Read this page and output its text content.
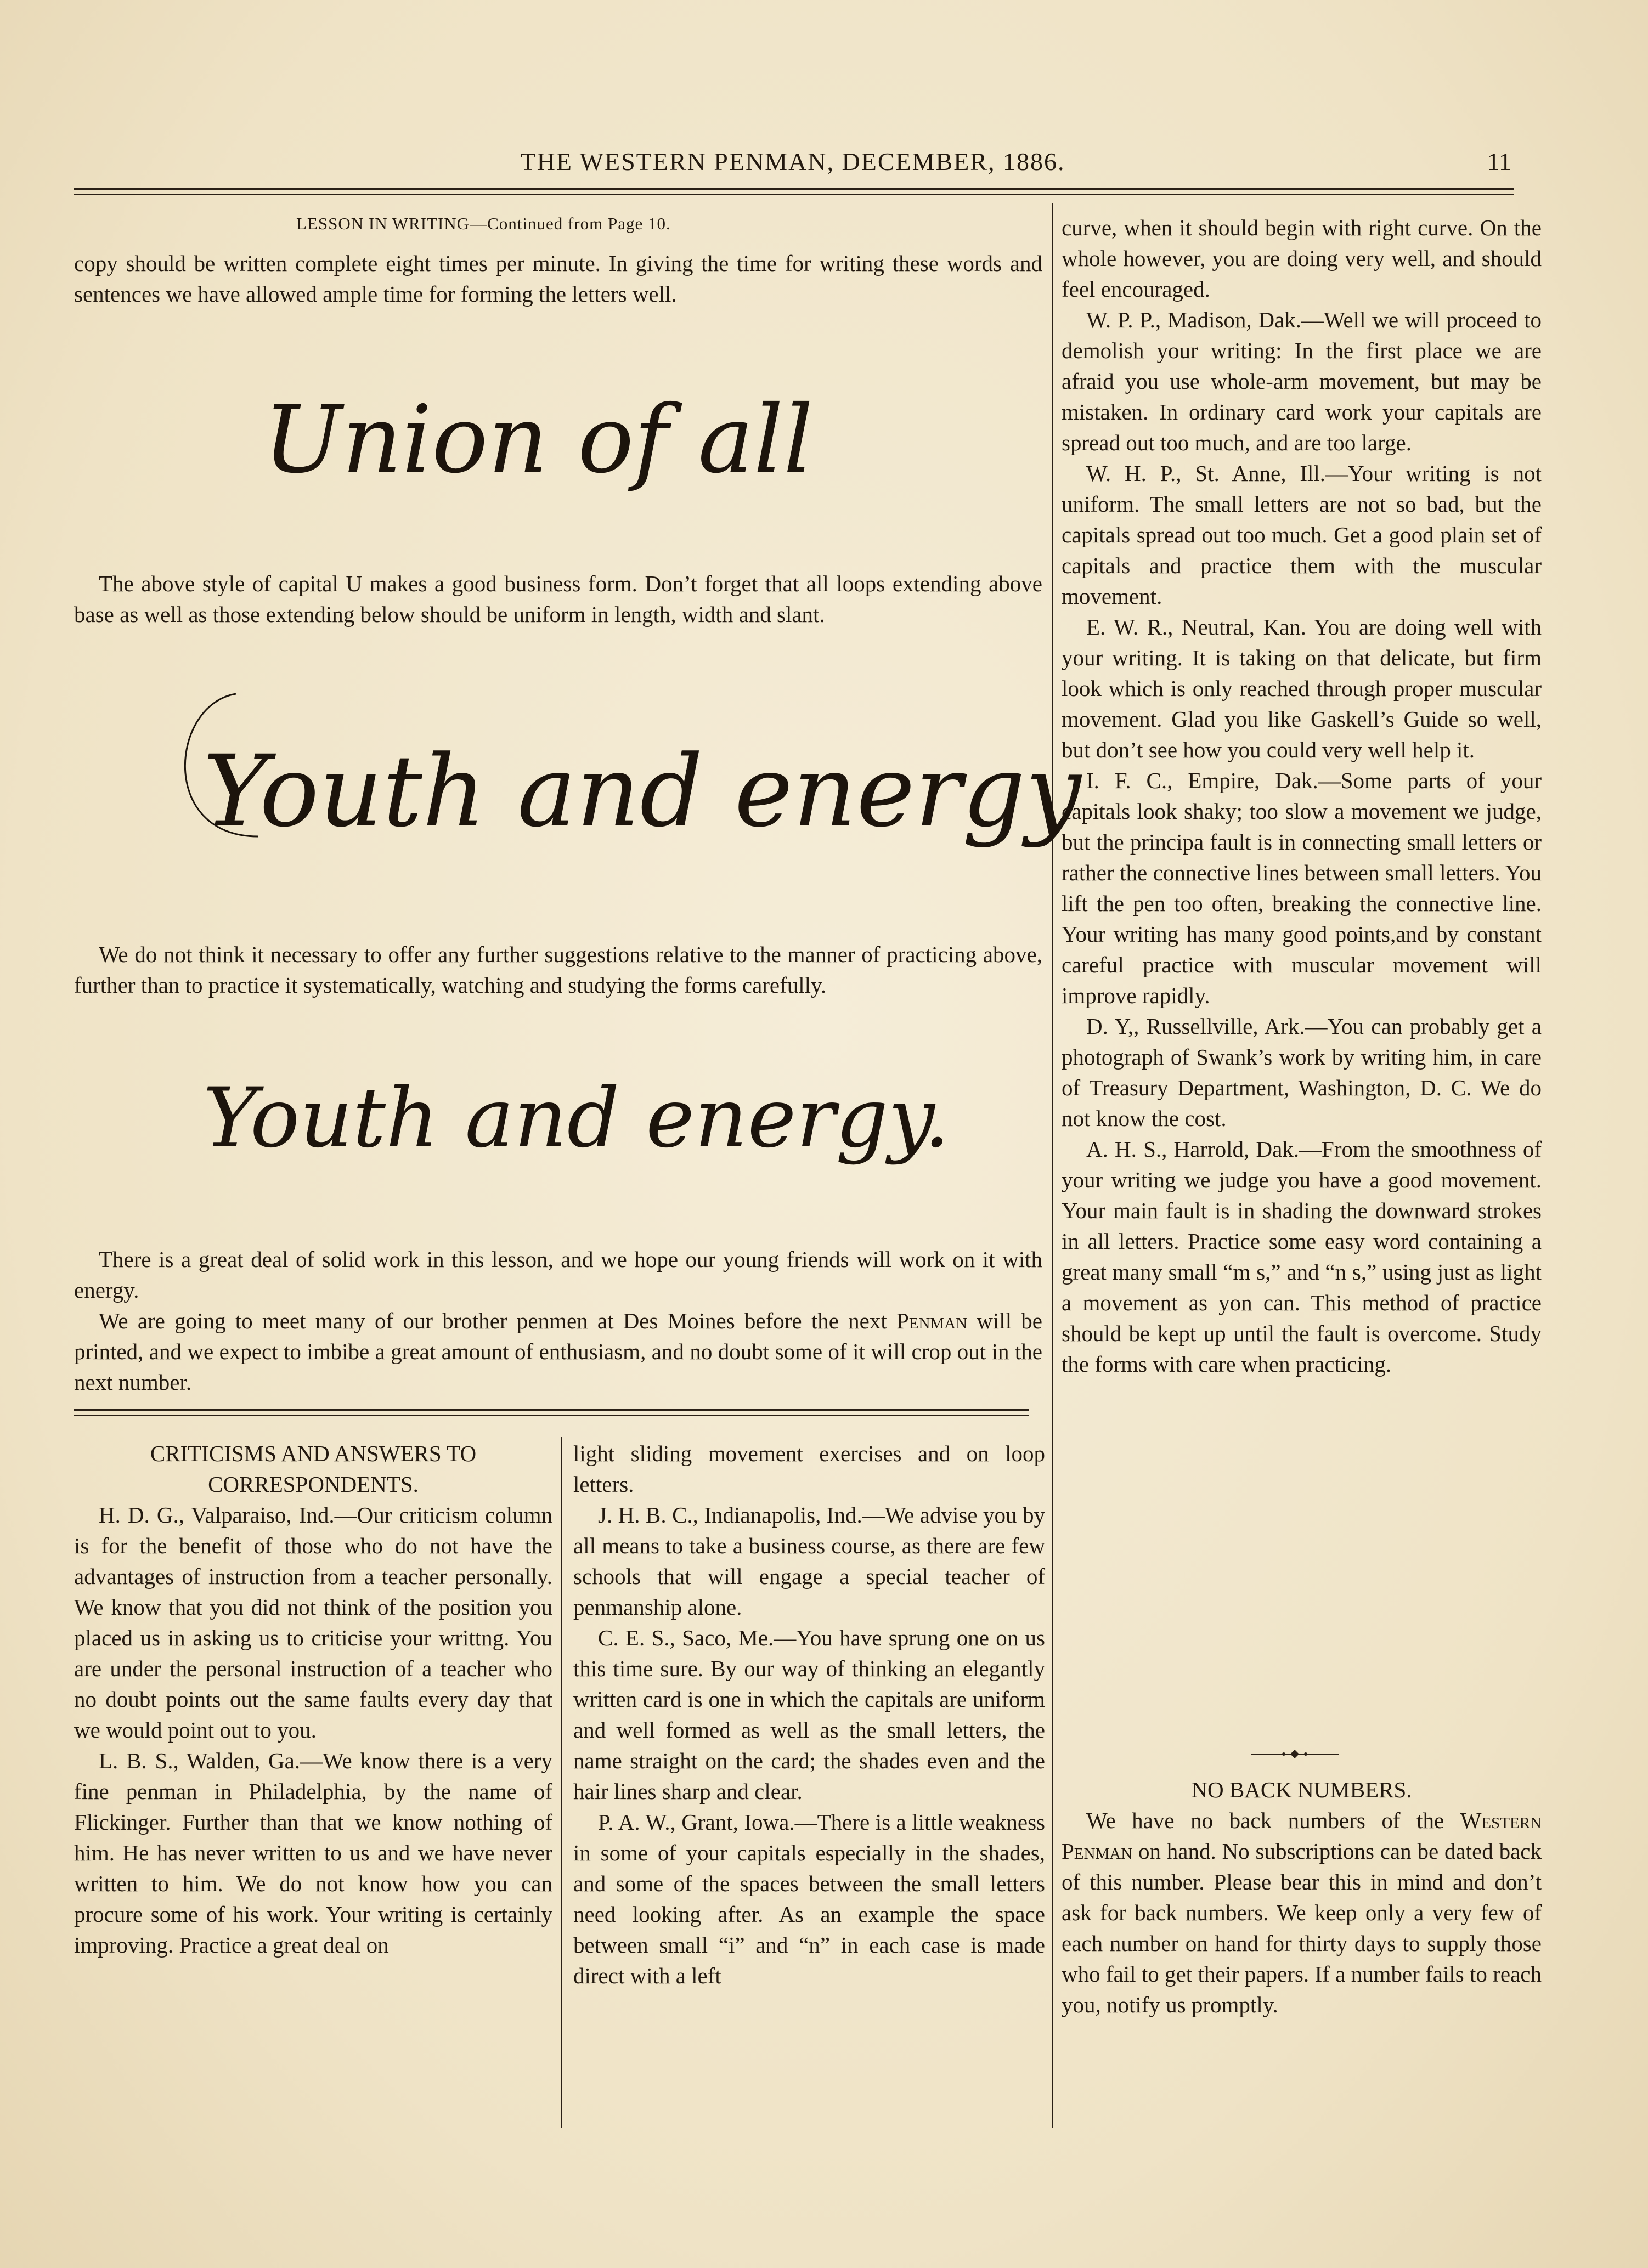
THE WESTERN PENMAN, DECEMBER, 1886.	11
LESSON IN WRITING—Continued from Page 10.

copy should be written complete eight times per minute. In giving the time for writing these words and sentences we have allowed ample time for forming the letters well.

Union of all

The above style of capital U makes a good business form. Don’t forget that all loops extending above base as well as those extending below should be uniform in length, width and slant.

Youth and energy

We do not think it necessary to offer any further suggestions relative to the manner of practicing above, further than to practice it systematically, watching and studying the forms carefully.

Youth and energy.

There is a great deal of solid work in this lesson, and we hope our young friends will work on it with energy.

We are going to meet many of our brother penmen at Des Moines before the next Penman will be printed, and we expect to imbibe a great amount of enthusiasm, and no doubt some of it will crop out in the next number.

CRITICISMS AND ANSWERS TO CORRESPONDENTS.

H. D. G., Valparaiso, Ind.—Our criticism column is for the benefit of those who do not have the advantages of instruction from a teacher personally. We know that you did not think of the position you placed us in asking us to criticise your writtng. You are under the personal instruction of a teacher who no doubt points out the same faults every day that we would point out to you.

L. B. S., Walden, Ga.—We know there is a very fine penman in Philadelphia, by the name of Flickinger. Further than that we know nothing of him. He has never written to us and we have never written to him. We do not know how you can procure some of his work. Your writing is certainly improving. Practice a great deal on

light sliding movement exercises and on loop letters.

J. H. B. C., Indianapolis, Ind.—We advise you by all means to take a business course, as there are few schools that will engage a special teacher of penmanship alone.

C. E. S., Saco, Me.—You have sprung one on us this time sure. By our way of thinking an elegantly written card is one in which the capitals are uniform and well formed as well as the small letters, the name straight on the card; the shades even and the hair lines sharp and clear.

P. A. W., Grant, Iowa.—There is a little weakness in some of your capitals especially in the shades, and some of the spaces between the small letters need looking after. As an example the space between small “i” and “n” in each case is made direct with a left

curve, when it should begin with right curve. On the whole however, you are doing very well, and should feel encouraged.

W. P. P., Madison, Dak.—Well we will proceed to demolish your writing: In the first place we are afraid you use whole-arm movement, but may be mistaken. In ordinary card work your capitals are spread out too much, and are too large.

W. H. P., St. Anne, Ill.—Your writing is not uniform. The small letters are not so bad, but the capitals spread out too much. Get a good plain set of capitals and practice them with the muscular movement.

E. W. R., Neutral, Kan. You are doing well with your writing. It is taking on that delicate, but firm look which is only reached through proper muscular movement. Glad you like Gaskell’s Guide so well, but don’t see how you could very well help it.

I. F. C., Empire, Dak.—Some parts of your capitals look shaky; too slow a movement we judge, but the principa fault is in connecting small letters or rather the connective lines between small letters. You lift the pen too often, breaking the connective line. Your writing has many good points,and by constant careful practice with muscular movement will improve rapidly.

D. Y,, Russellville, Ark.—You can probably get a photograph of Swank’s work by writing him, in care of Treasury Department, Washington, D. C. We do not know the cost.

A. H. S., Harrold, Dak.—From the smoothness of your writing we judge you have a good movement. Your main fault is in shading the downward strokes in all letters. Practice some easy word containing a great many small “m s,” and “n s,” using just as light a movement as yon can. This method of practice should be kept up until the fault is overcome. Study the forms with care when practicing.

NO BACK NUMBERS.

We have no back numbers of the Western Penman on hand. No subscriptions can be dated back of this number. Please bear this in mind and don’t ask for back numbers. We keep only a very few of each number on hand for thirty days to supply those who fail to get their papers. If a number fails to reach you, notify us promptly.
